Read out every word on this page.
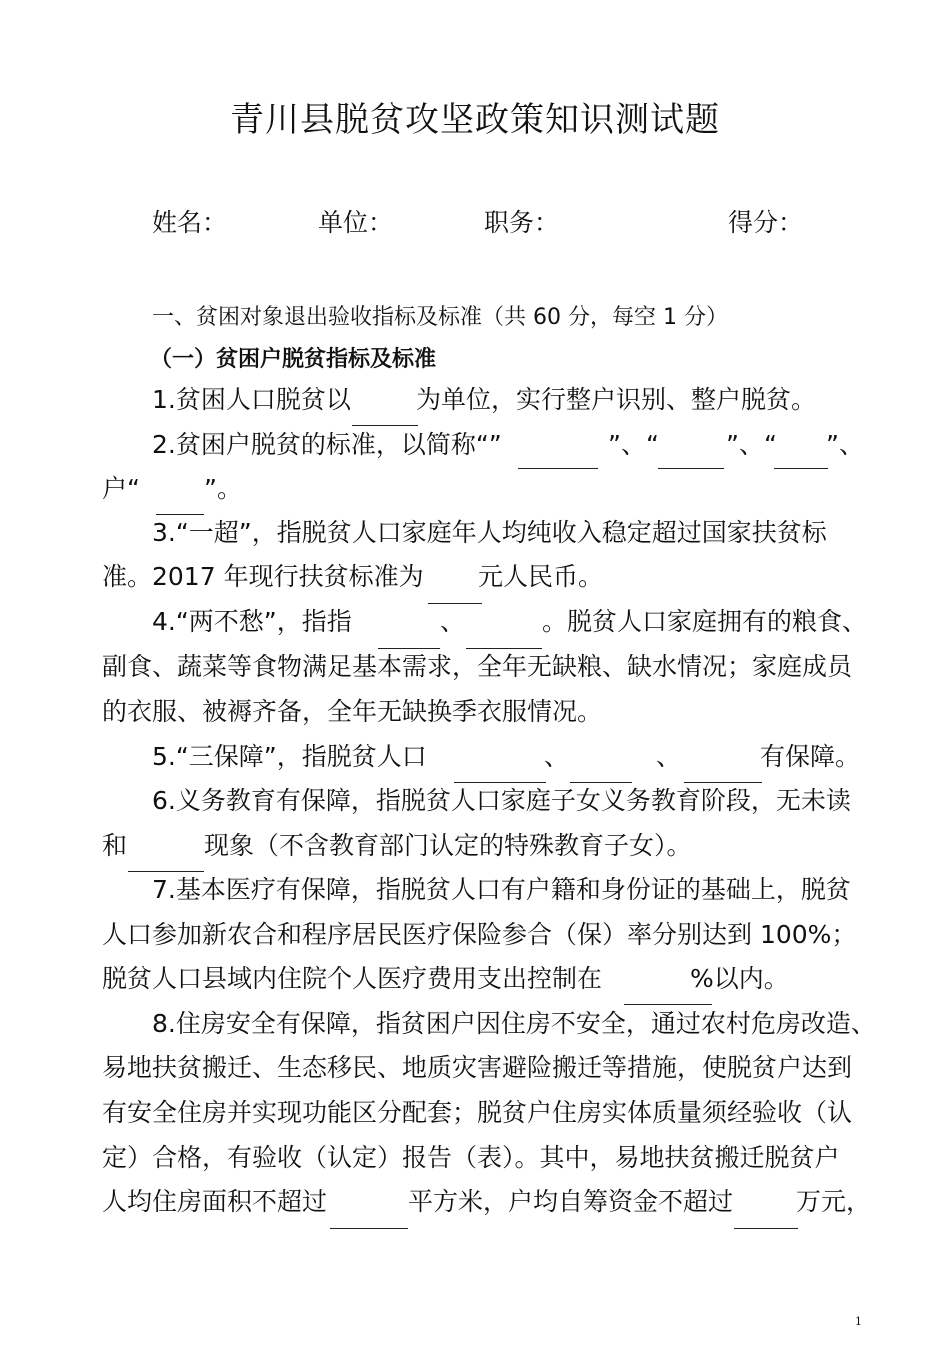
青川县脱贫攻坚政策知识测试题
姓名：	单位：	职务：	得分：
一、贫困对象退出验收指标及标准（共 60 分，每空 1 分）
（一）贫困户脱贫指标及标准
1.贫困人口脱贫以	为单位，实行整户识别、整户脱贫。
2.贫困户脱贫的标准，以简称“”	”、“	”、“ ”、
户“	”。
3.“一超”，指脱贫人口家庭年人均纯收入稳定超过国家扶贫标
准。2017 年现行扶贫标准为 元人民币。
4.“两不愁”，指指	、	。脱贫人口家庭拥有的粮食、
副食、蔬菜等食物满足基本需求，全年无缺粮、缺水情况；家庭成员
的衣服、被褥齐备，全年无缺换季衣服情况。
5.“三保障”，指脱贫人口	、	、	有保障。
6.义务教育有保障，指脱贫人口家庭子女义务教育阶段，无未读
和	现象（不含教育部门认定的特殊教育子女）。
7.基本医疗有保障，指脱贫人口有户籍和身份证的基础上，脱贫
人口参加新农合和程序居民医疗保险参合（保）率分别达到 100%；
脱贫人口县域内住院个人医疗费用支出控制在	%以内。
8.住房安全有保障，指贫困户因住房不安全，通过农村危房改造、
易地扶贫搬迁、生态移民、地质灾害避险搬迁等措施，使脱贫户达到
有安全住房并实现功能区分配套；脱贫户住房实体质量须经验收（认
定）合格，有验收（认定）报告（表）。其中，易地扶贫搬迁脱贫户
人均住房面积不超过	平方米，户均自筹资金不超过	万元，
1
